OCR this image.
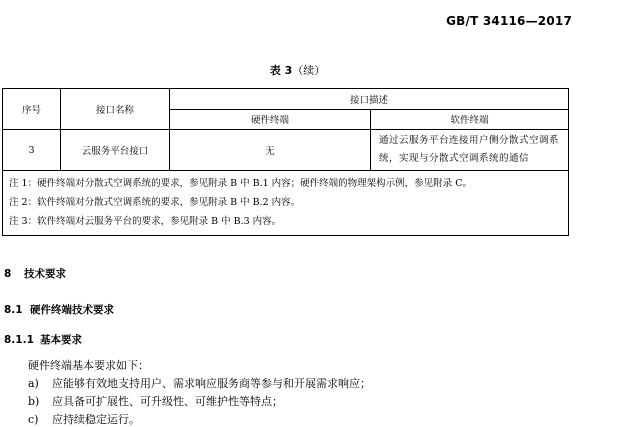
GB/T 34116—2017
表 3（续）
序号	接口名称	接口描述	
		硬件终端	软件终端
3	云服务平台接口	无	通过云服务平台连接用户侧分散式空调系统，实现与分散式空调系统的通信

注 1：硬件终端对分散式空调系统的要求，参见附录 B 中 B.1 内容；硬件终端的物理架构示例，参见附录 C。
注 2：软件终端对分散式空调系统的要求，参见附录 B 中 B.2 内容。
注 3：软件终端对云服务平台的要求，参见附录 B 中 B.3 内容。			
8 技术要求
8.1 硬件终端技术要求
8.1.1 基本要求
硬件终端基本要求如下：
a) 应能够有效地支持用户、需求响应服务商等参与和开展需求响应；
b) 应具备可扩展性、可升级性、可维护性等特点；
c) 应持续稳定运行。
